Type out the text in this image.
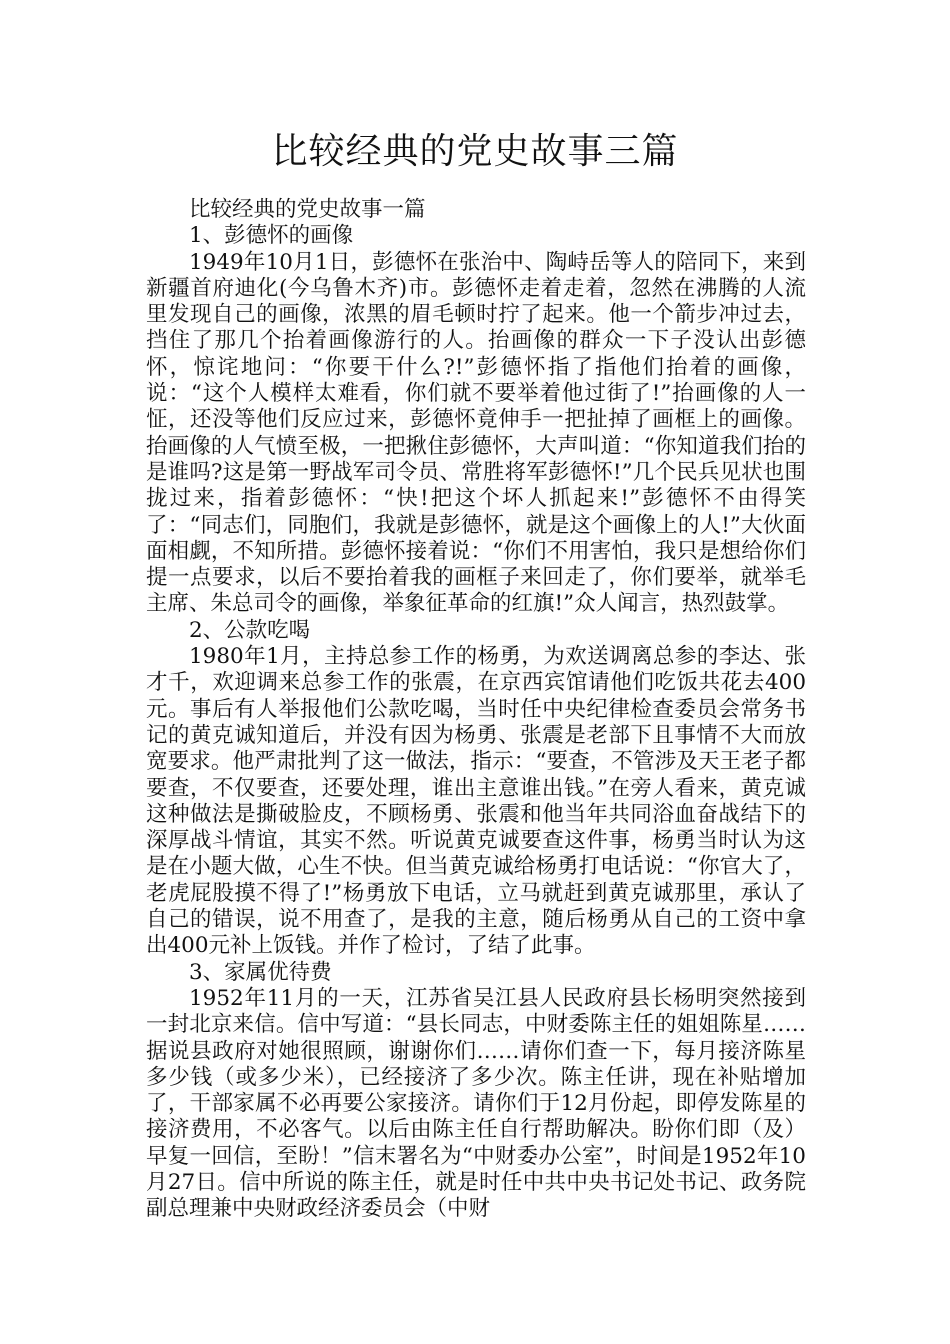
比较经典的党史故事三篇

比较经典的党史故事一篇

1、彭德怀的画像

1949年10月1日，彭德怀在张治中、陶峙岳等人的陪同下，来到新疆首府迪化(今乌鲁木齐)市。彭德怀走着走着，忽然在沸腾的人流里发现自己的画像，浓黑的眉毛顿时拧了起来。他一个箭步冲过去，挡住了那几个抬着画像游行的人。抬画像的群众一下子没认出彭德怀，惊诧地问：“你要干什么?!”彭德怀指了指他们抬着的画像，说：“这个人模样太难看，你们就不要举着他过街了!”抬画像的人一怔，还没等他们反应过来，彭德怀竟伸手一把扯掉了画框上的画像。抬画像的人气愤至极，一把揪住彭德怀，大声叫道：“你知道我们抬的是谁吗?这是第一野战军司令员、常胜将军彭德怀!”几个民兵见状也围拢过来，指着彭德怀：“快!把这个坏人抓起来!”彭德怀不由得笑了：“同志们，同胞们，我就是彭德怀，就是这个画像上的人!”大伙面面相觑，不知所措。彭德怀接着说：“你们不用害怕，我只是想给你们提一点要求，以后不要抬着我的画框子来回走了，你们要举，就举毛主席、朱总司令的画像，举象征革命的红旗!”众人闻言，热烈鼓掌。

2、公款吃喝

1980年1月，主持总参工作的杨勇，为欢送调离总参的李达、张才千，欢迎调来总参工作的张震，在京西宾馆请他们吃饭共花去400元。事后有人举报他们公款吃喝，当时任中央纪律检查委员会常务书记的黄克诚知道后，并没有因为杨勇、张震是老部下且事情不大而放宽要求。他严肃批判了这一做法，指示：“要查，不管涉及天王老子都要查，不仅要查，还要处理，谁出主意谁出钱。”在旁人看来，黄克诚这种做法是撕破脸皮，不顾杨勇、张震和他当年共同浴血奋战结下的深厚战斗情谊，其实不然。听说黄克诚要查这件事，杨勇当时认为这是在小题大做，心生不快。但当黄克诚给杨勇打电话说：“你官大了，老虎屁股摸不得了!”杨勇放下电话，立马就赶到黄克诚那里，承认了自己的错误，说不用查了，是我的主意，随后杨勇从自己的工资中拿出400元补上饭钱。并作了检讨，了结了此事。

3、家属优待费

1952年11月的一天，江苏省吴江县人民政府县长杨明突然接到一封北京来信。信中写道：“县长同志，中财委陈主任的姐姐陈星……据说县政府对她很照顾，谢谢你们……请你们查一下，每月接济陈星多少钱（或多少米），已经接济了多少次。陈主任讲，现在补贴增加了，干部家属不必再要公家接济。请你们于12月份起，即停发陈星的接济费用，不必客气。以后由陈主任自行帮助解决。盼你们即（及）早复一回信，至盼！”信末署名为“中财委办公室”，时间是1952年10月27日。信中所说的陈主任，就是时任中共中央书记处书记、政务院副总理兼中央财政经济委员会（中财
